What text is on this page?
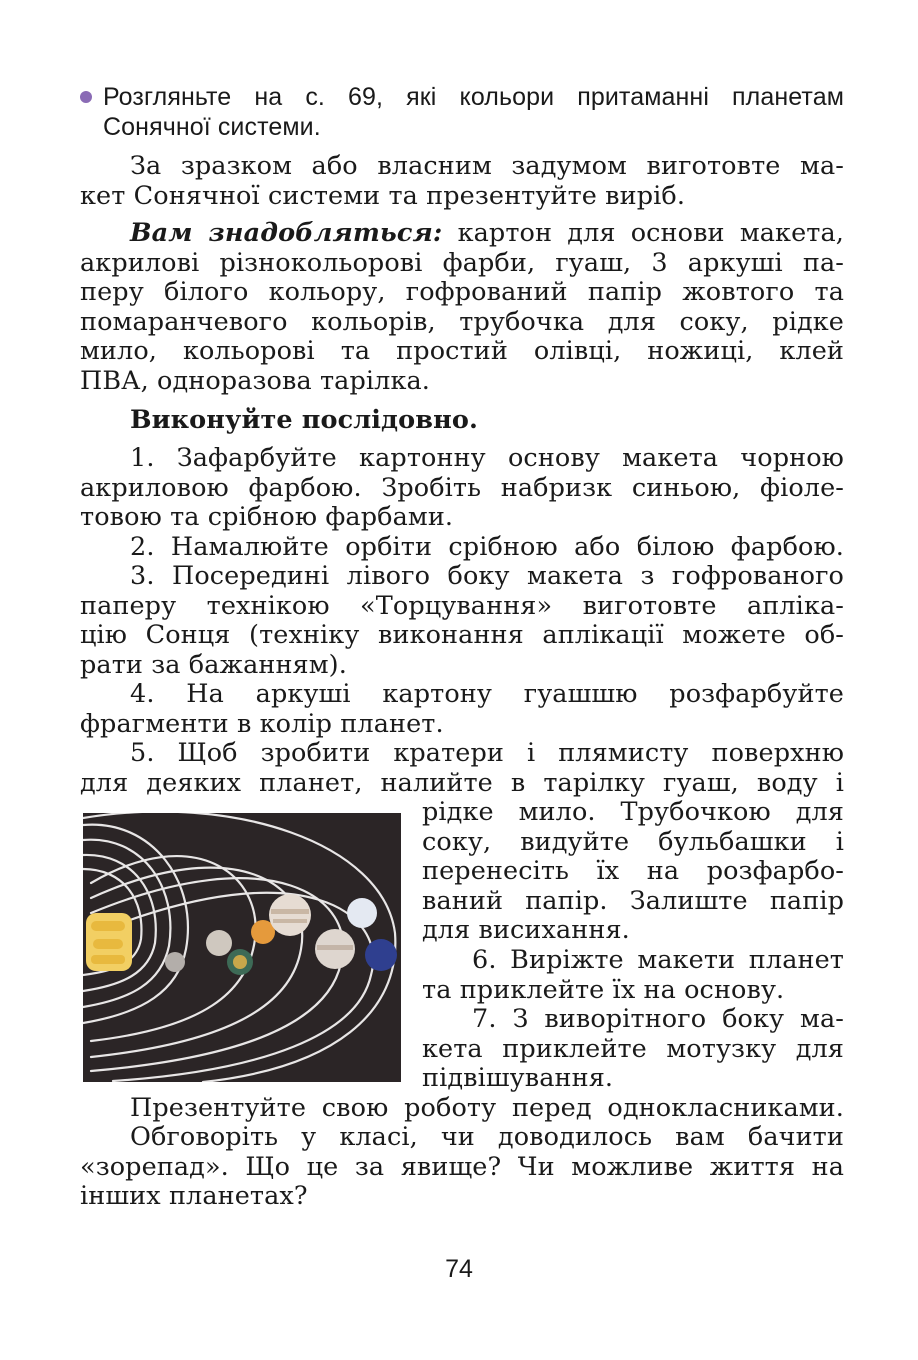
Розгляньте на с. 69, які кольори притаманні планетам
Сонячної системи.
За зразком або власним задумом виготовте ма-
кет Сонячної системи та презентуйте виріб.
Вам знадобляться: картон для основи макета,
акрилові різнокольорові фарби, гуаш, 3 аркуші па-
перу білого кольору, гофрований папір жовтого та
помаранчевого кольорів, трубочка для соку, рідке
мило, кольорові та простий олівці, ножиці, клей
ПВА, одноразова тарілка.
Виконуйте послідовно.
1. Зафарбуйте картонну основу макета чорною
акриловою фарбою. Зробіть набризк синьою, фіоле-
товою та срібною фарбами.
2. Намалюйте орбіти срібною або білою фарбою.
3. Посередині лівого боку макета з гофрованого
паперу технікою «Торцування» виготовте апліка-
цію Сонця (техніку виконання аплікації можете об-
рати за бажанням).
4. На аркуші картону гуашшю розфарбуйте
фрагменти в колір планет.
5. Щоб зробити кратери і плямисту поверхню
для деяких планет, налийте в тарілку гуаш, воду і
рідке мило. Трубочкою для
соку, видуйте бульбашки і
перенесіть їх на розфарбо-
ваний папір. Залиште папір
для висихання.
6. Виріжте макети планет
та приклейте їх на основу.
7. З виворітного боку ма-
кета приклейте мотузку для
підвішування.
Презентуйте свою роботу перед однокласниками.
Обговоріть у класі, чи доводилось вам бачити
«зорепад». Що це за явище? Чи можливе життя на
інших планетах?
74
